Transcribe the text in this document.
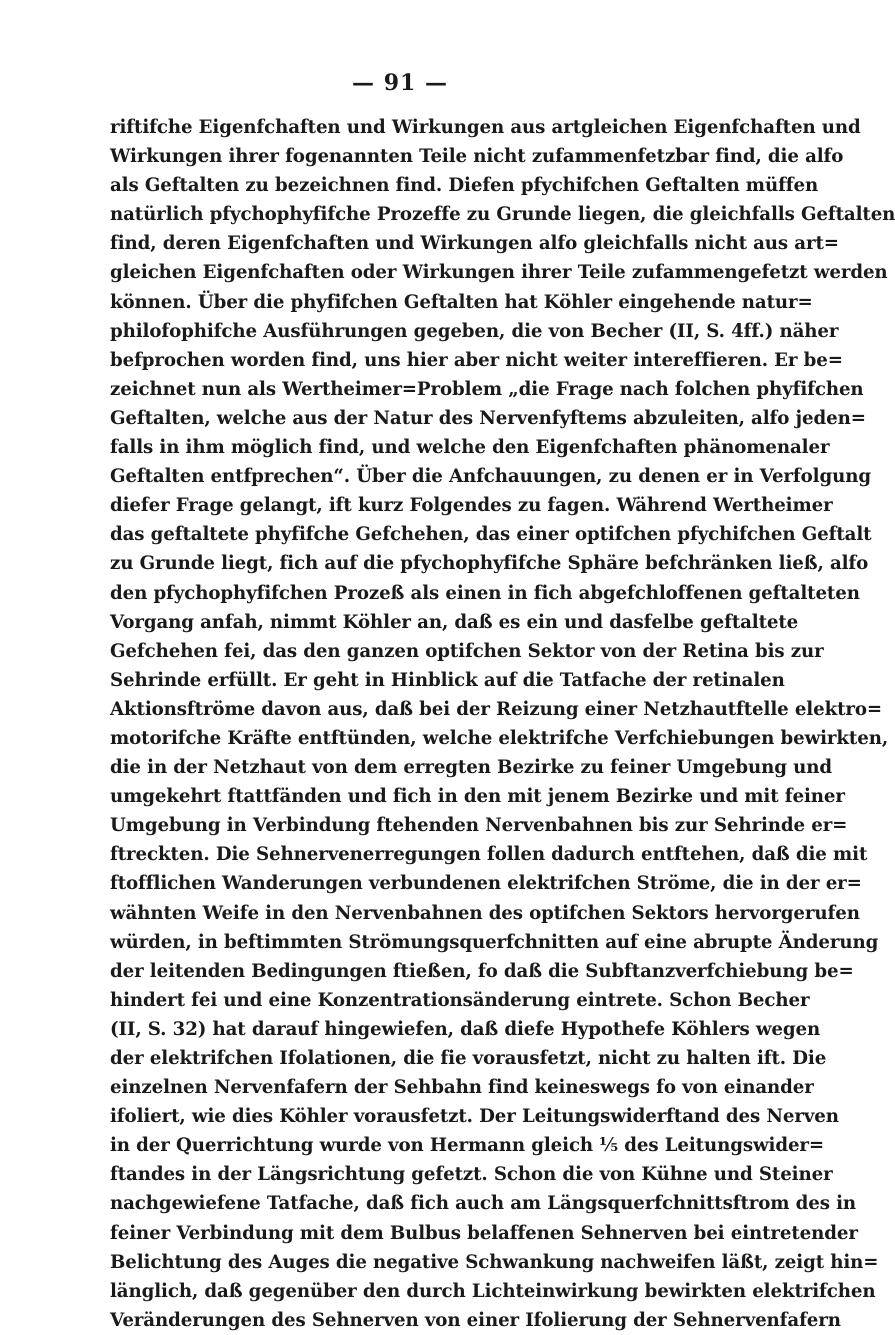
— 91 —
riftifche Eigenfchaften und Wirkungen aus artgleichen Eigenfchaften und
Wirkungen ihrer fogenannten Teile nicht zufammenfetzbar find, die alfo
als Geftalten zu bezeichnen find. Diefen pfychifchen Geftalten müffen
natürlich pfychophyfifche Prozeffe zu Grunde liegen, die gleichfalls Geftalten
find, deren Eigenfchaften und Wirkungen alfo gleichfalls nicht aus art=
gleichen Eigenfchaften oder Wirkungen ihrer Teile zufammengefetzt werden
können. Über die phyfifchen Geftalten hat Köhler eingehende natur=
philofophifche Ausführungen gegeben, die von Becher (II, S. 4ff.) näher
befprochen worden find, uns hier aber nicht weiter intereffieren. Er be=
zeichnet nun als Wertheimer=Problem „die Frage nach folchen phyfifchen
Geftalten, welche aus der Natur des Nervenfyftems abzuleiten, alfo jeden=
falls in ihm möglich find, und welche den Eigenfchaften phänomenaler
Geftalten entfprechen“. Über die Anfchauungen, zu denen er in Verfolgung
diefer Frage gelangt, ift kurz Folgendes zu fagen. Während Wertheimer
das geftaltete phyfifche Gefchehen, das einer optifchen pfychifchen Geftalt
zu Grunde liegt, fich auf die pfychophyfifche Sphäre befchränken ließ, alfo
den pfychophyfifchen Prozeß als einen in fich abgefchloffenen geftalteten
Vorgang anfah, nimmt Köhler an, daß es ein und dasfelbe geftaltete
Gefchehen fei, das den ganzen optifchen Sektor von der Retina bis zur
Sehrinde erfüllt. Er geht in Hinblick auf die Tatfache der retinalen
Aktionsftröme davon aus, daß bei der Reizung einer Netzhautftelle elektro=
motorifche Kräfte entftünden, welche elektrifche Verfchiebungen bewirkten,
die in der Netzhaut von dem erregten Bezirke zu feiner Umgebung und
umgekehrt ftattfänden und fich in den mit jenem Bezirke und mit feiner
Umgebung in Verbindung ftehenden Nervenbahnen bis zur Sehrinde er=
ftreckten. Die Sehnervenerregungen follen dadurch entftehen, daß die mit
ftofflichen Wanderungen verbundenen elektrifchen Ströme, die in der er=
wähnten Weife in den Nervenbahnen des optifchen Sektors hervorgerufen
würden, in beftimmten Strömungsquerfchnitten auf eine abrupte Änderung
der leitenden Bedingungen ftießen, fo daß die Subftanzverfchiebung be=
hindert fei und eine Konzentrationsänderung eintrete. Schon Becher
(II, S. 32) hat darauf hingewiefen, daß diefe Hypothefe Köhlers wegen
der elektrifchen Ifolationen, die fie vorausfetzt, nicht zu halten ift. Die
einzelnen Nervenfafern der Sehbahn find keineswegs fo von einander
ifoliert, wie dies Köhler vorausfetzt. Der Leitungswiderftand des Nerven
in der Querrichtung wurde von Hermann gleich ⅕ des Leitungswider=
ftandes in der Längsrichtung gefetzt. Schon die von Kühne und Steiner
nachgewiefene Tatfache, daß fich auch am Längsquerfchnittsftrom des in
feiner Verbindung mit dem Bulbus belaffenen Sehnerven bei eintretender
Belichtung des Auges die negative Schwankung nachweifen läßt, zeigt hin=
länglich, daß gegenüber den durch Lichteinwirkung bewirkten elektrifchen
Veränderungen des Sehnerven von einer Ifolierung der Sehnervenfafern
